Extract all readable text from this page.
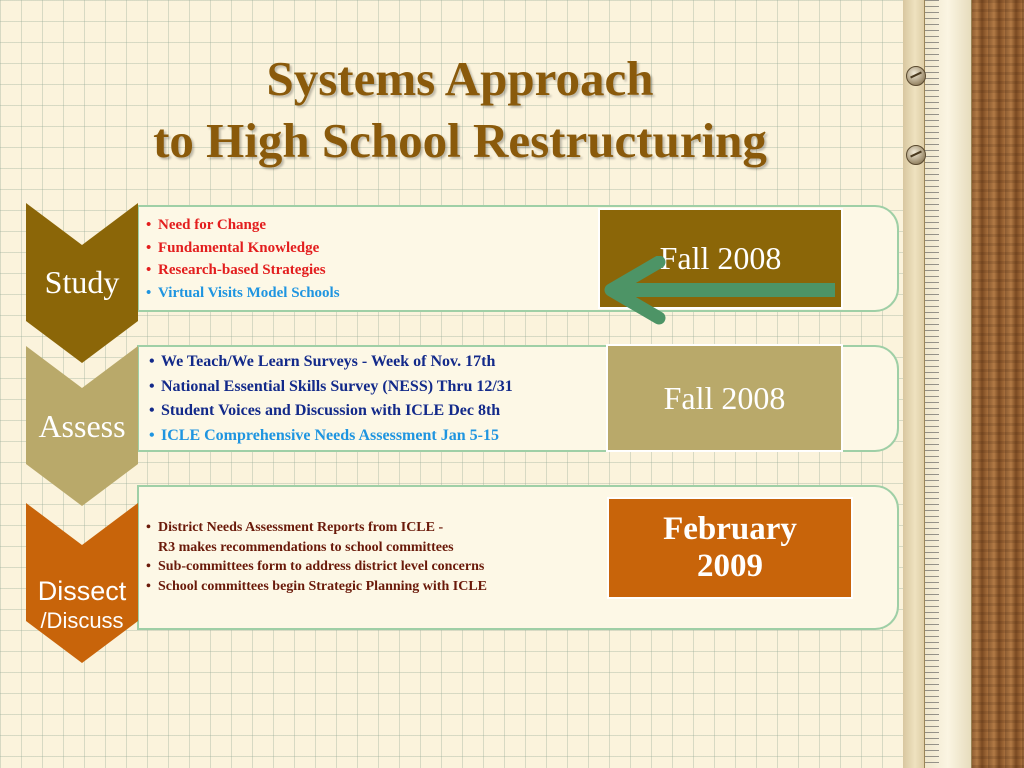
Systems Approach
to High School Restructuring
Study
• Need for Change
• Fundamental Knowledge
• Research-based Strategies
• Virtual Visits Model Schools
Fall 2008
Assess
• We Teach/We Learn Surveys - Week of Nov. 17th
• National Essential Skills Survey (NESS) Thru 12/31
• Student Voices and Discussion with ICLE Dec 8th
• ICLE Comprehensive Needs Assessment Jan 5-15
Fall 2008
Dissect
/Discuss
• District Needs Assessment Reports from ICLE -
R3 makes recommendations to school committees
• Sub-committees form to address district level concerns
• School committees begin Strategic Planning with ICLE
February
2009
